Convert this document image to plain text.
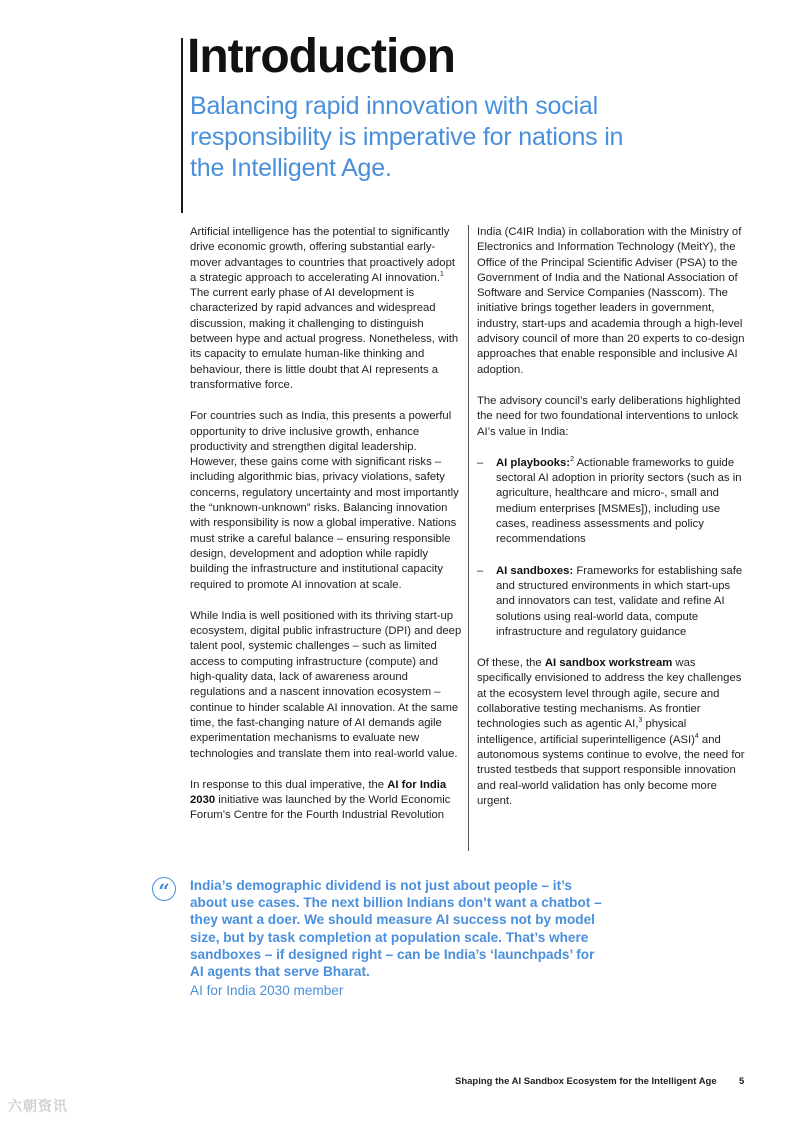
Introduction
Balancing rapid innovation with social responsibility is imperative for nations in the Intelligent Age.

Artificial intelligence has the potential to significantly drive economic growth, offering substantial early-mover advantages to countries that proactively adopt a strategic approach to accelerating AI innovation.$^1$ The current early phase of AI development is characterized by rapid advances and widespread discussion, making it challenging to distinguish between hype and actual progress. Nonetheless, with its capacity to emulate human-like thinking and behaviour, there is little doubt that AI represents a transformative force.

For countries such as India, this presents a powerful opportunity to drive inclusive growth, enhance productivity and strengthen digital leadership. However, these gains come with significant risks – including algorithmic bias, privacy violations, safety concerns, regulatory uncertainty and most importantly the “unknown-unknown” risks. Balancing innovation with responsibility is now a global imperative. Nations must strike a careful balance – ensuring responsible design, development and adoption while rapidly building the infrastructure and institutional capacity required to promote AI innovation at scale.

While India is well positioned with its thriving start-up ecosystem, digital public infrastructure (DPI) and deep talent pool, systemic challenges – such as limited access to computing infrastructure (compute) and high-quality data, lack of awareness around regulations and a nascent innovation ecosystem – continue to hinder scalable AI innovation. At the same time, the fast-changing nature of AI demands agile experimentation mechanisms to evaluate new technologies and translate them into real-world value.

In response to this dual imperative, the AI for India 2030 initiative was launched by the World Economic Forum’s Centre for the Fourth Industrial Revolution

India (C4IR India) in collaboration with the Ministry of Electronics and Information Technology (MeitY), the Office of the Principal Scientific Adviser (PSA) to the Government of India and the National Association of Software and Service Companies (Nasscom). The initiative brings together leaders in government, industry, start-ups and academia through a high-level advisory council of more than 20 experts to co-design approaches that enable responsible and inclusive AI adoption.

The advisory council’s early deliberations highlighted the need for two foundational interventions to unlock AI’s value in India:

– AI playbooks:$^2$ Actionable frameworks to guide sectoral AI adoption in priority sectors (such as in agriculture, healthcare and micro-, small and medium enterprises [MSMEs]), including use cases, readiness assessments and policy recommendations
– AI sandboxes: Frameworks for establishing safe and structured environments in which start-ups and innovators can test, validate and refine AI solutions using real-world data, compute infrastructure and regulatory guidance

Of these, the AI sandbox workstream was specifically envisioned to address the key challenges at the ecosystem level through agile, secure and collaborative testing mechanisms. As frontier technologies such as agentic AI,$^3$ physical intelligence, artificial superintelligence (ASI)$^4$ and autonomous systems continue to evolve, the need for trusted testbeds that support responsible innovation and real-world validation has only become more urgent.

“	India’s demographic dividend is not just about people – it’s about use cases. The next billion Indians don’t want a chatbot – they want a doer. We should measure AI success not by model size, but by task completion at population scale. That’s where sandboxes – if designed right – can be India’s ‘launchpads’ for AI agents that serve Bharat.
AI for India 2030 member
Shaping the AI Sandbox Ecosystem for the Intelligent Age 5
六朝资讯
